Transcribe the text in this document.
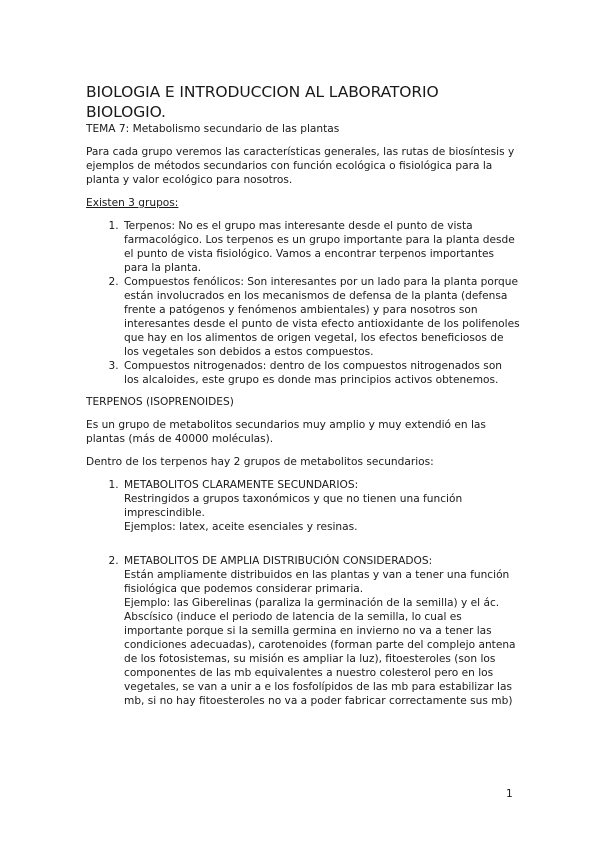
BIOLOGIA E INTRODUCCION AL LABORATORIO
BIOLOGIO.
TEMA 7: Metabolismo secundario de las plantas

Para cada grupo veremos las características generales, las rutas de biosíntesis y ejemplos de métodos secundarios con función ecológica o fisiológica para la planta y valor ecológico para nosotros.

Existen 3 grupos:

1. Terpenos: No es el grupo mas interesante desde el punto de vista farmacológico. Los terpenos es un grupo importante para la planta desde el punto de vista fisiológico. Vamos a encontrar terpenos importantes para la planta.
2. Compuestos fenólicos: Son interesantes por un lado para la planta porque están involucrados en los mecanismos de defensa de la planta (defensa frente a patógenos y fenómenos ambientales) y para nosotros son interesantes desde el punto de vista efecto antioxidante de los polifenoles que hay en los alimentos de origen vegetal, los efectos beneficiosos de los vegetales son debidos a estos compuestos.
3. Compuestos nitrogenados: dentro de los compuestos nitrogenados son los alcaloides, este grupo es donde mas principios activos obtenemos.

TERPENOS (ISOPRENOIDES)

Es un grupo de metabolitos secundarios muy amplio y muy extendió en las plantas (más de 40000 moléculas).

Dentro de los terpenos hay 2 grupos de metabolitos secundarios:

1. METABOLITOS CLARAMENTE SECUNDARIOS:
Restringidos a grupos taxonómicos y que no tienen una función imprescindible.
Ejemplos: latex, aceite esenciales y resinas.
2. METABOLITOS DE AMPLIA DISTRIBUCIÓN CONSIDERADOS:
Están ampliamente distribuidos en las plantas y van a tener una función fisiológica que podemos considerar primaria.
Ejemplo: las Giberelinas (paraliza la germinación de la semilla) y el ác. Abscísico (induce el periodo de latencia de la semilla, lo cual es importante porque si la semilla germina en invierno no va a tener las condiciones adecuadas), carotenoides (forman parte del complejo antena de los fotosistemas, su misión es ampliar la luz), fitoesteroles (son los componentes de las mb equivalentes a nuestro colesterol pero en los vegetales, se van a unir a e los fosfolípidos de las mb para estabilizar las mb, si no hay fitoesteroles no va a poder fabricar correctamente sus mb)
1
